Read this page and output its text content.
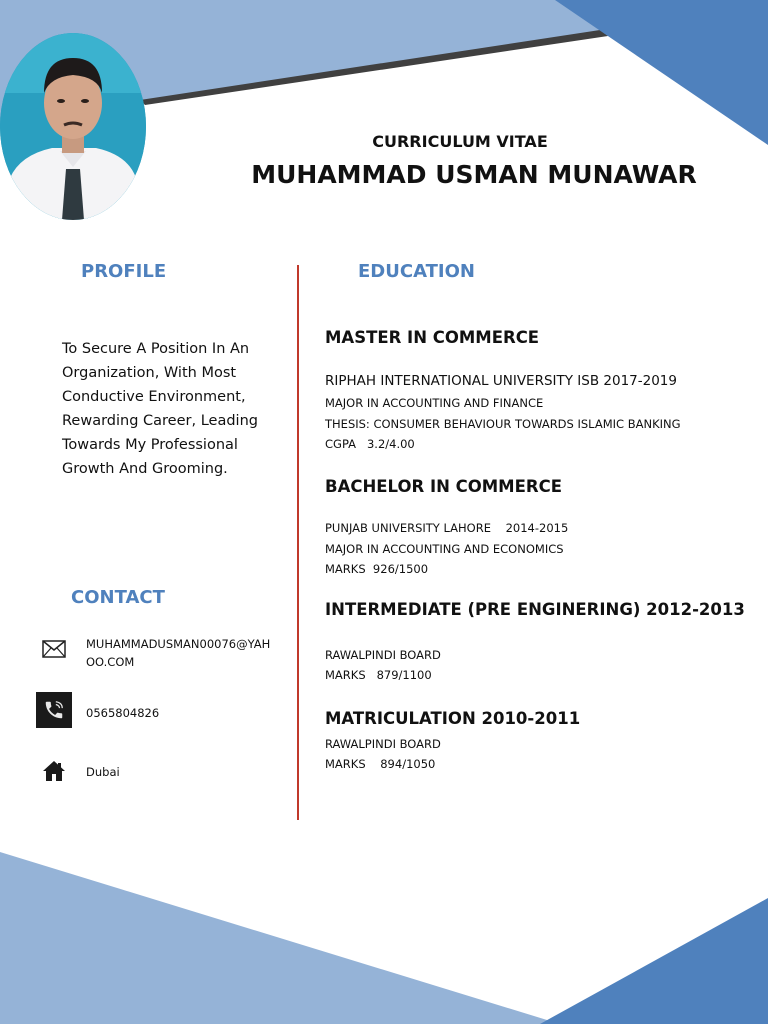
CURRICULUM VITAE
MUHAMMAD USMAN MUNAWAR
PROFILE
To Secure A Position In An Organization, With Most Conductive Environment, Rewarding Career, Leading Towards My Professional Growth And Grooming.
EDUCATION
MASTER IN COMMERCE
RIPHAH INTERNATIONAL UNIVERSITY ISB 2017-2019
MAJOR IN ACCOUNTING AND FINANCE
THESIS: CONSUMER BEHAVIOUR TOWARDS ISLAMIC BANKING
CGPA   3.2/4.00
BACHELOR IN COMMERCE
PUNJAB UNIVERSITY LAHORE    2014-2015
MAJOR IN ACCOUNTING AND ECONOMICS
MARKS  926/1500
INTERMEDIATE (PRE ENGINERING) 2012-2013
RAWALPINDI BOARD
MARKS   879/1100
MATRICULATION 2010-2011
RAWALPINDI BOARD
MARKS    894/1050
CONTACT
MUHAMMADUSMAN00076@YAH
OO.COM
0565804826
Dubai
